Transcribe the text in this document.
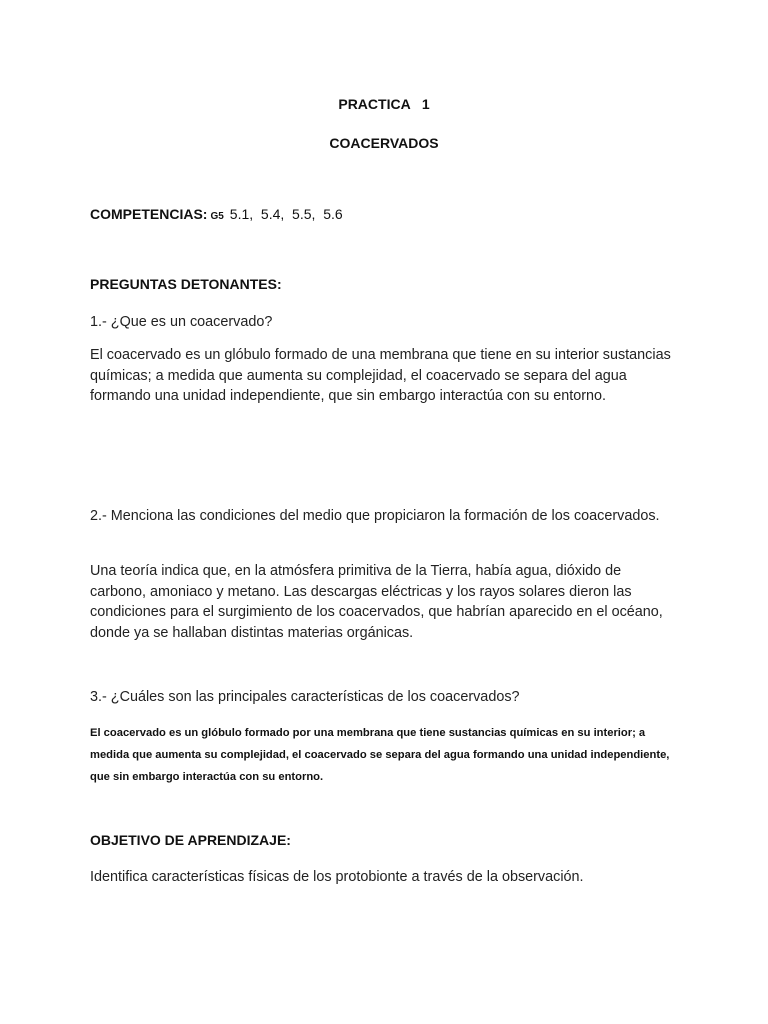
PRACTICA   1
COACERVADOS
COMPETENCIAS: G5 5.1,  5.4,  5.5,  5.6
PREGUNTAS DETONANTES:
1.- ¿Que es un coacervado?
El coacervado es un glóbulo formado de una membrana que tiene en su interior sustancias químicas; a medida que aumenta su complejidad, el coacervado se separa del agua formando una unidad independiente, que sin embargo interactúa con su entorno.
2.- Menciona las condiciones del medio que propiciaron la formación de los coacervados.
Una teoría indica que, en la atmósfera primitiva de la Tierra, había agua, dióxido de carbono, amoniaco y metano. Las descargas eléctricas y los rayos solares dieron las condiciones para el surgimiento de los coacervados, que habrían aparecido en el océano, donde ya se hallaban distintas materias orgánicas.
3.- ¿Cuáles son las principales características de los coacervados?
El coacervado es un glóbulo formado por una membrana que tiene sustancias químicas en su interior; a medida que aumenta su complejidad, el coacervado se separa del agua formando una unidad independiente, que sin embargo interactúa con su entorno.
OBJETIVO DE APRENDIZAJE:
Identifica características físicas de los protobionte a través de la observación.
